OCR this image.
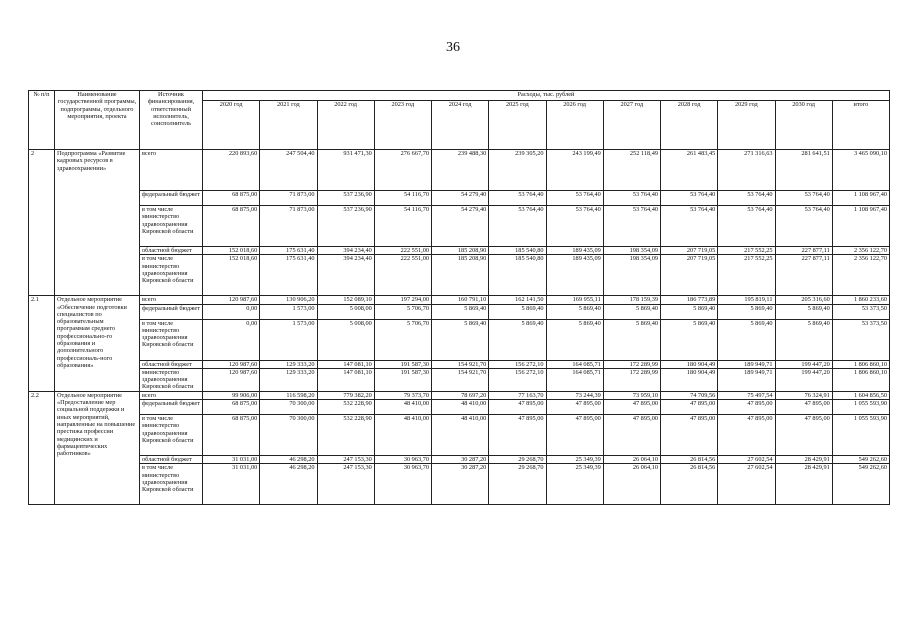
36
№ п/п	Наименование государственной программы, подпрограммы, отдельного мероприятия, проекта	Источник финансирования, ответственный исполнитель, соисполнитель	Расходы, тыс. рублей											
			2020 год	2021 год	2022 год	2023 год	2024 год	2025 год	2026 год	2027 год	2028 год	2029 год	2030 год	итого
2	Подпрограмма «Развитие кадровых ресурсов в здравоохранении»	всего	220 893,60	247 504,40	931 471,30	276 667,70	239 488,30	239 305,20	243 199,49	252 118,49	261 483,45	271 316,63	281 641,51	3 465 090,10
		федеральный бюджет	68 875,00	71 873,00	537 236,90	54 116,70	54 279,40	53 764,40	53 764,40	53 764,40	53 764,40	53 764,40	53 764,40	1 108 967,40
		в том числе министерство здравоохранения Кировской области	68 875,00	71 873,00	537 236,90	54 116,70	54 279,40	53 764,40	53 764,40	53 764,40	53 764,40	53 764,40	53 764,40	1 108 967,40
		областной бюджет	152 018,60	175 631,40	394 234,40	222 551,00	185 208,90	185 540,80	189 435,09	198 354,09	207 719,05	217 552,25	227 877,11	2 356 122,70
		в том числе министерство здравоохранения Кировской области	152 018,60	175 631,40	394 234,40	222 551,00	185 208,90	185 540,80	189 435,09	198 354,09	207 719,05	217 552,25	227 877,11	2 356 122,70
2.1	Отдельное мероприятие «Обеспечение подготовки специалистов по образовательным программам среднего профессионально-го образования и дополнительного профессиональ-ного образования»	всего	120 987,60	130 906,20	152 089,10	197 294,00	160 791,10	162 141,50	169 955,11	178 159,39	186 773,89	195 819,11	205 316,60	1 860 233,60
		федеральный бюджет	0,00	1 573,00	5 008,00	5 706,70	5 869,40	5 869,40	5 869,40	5 869,40	5 869,40	5 869,40	5 869,40	53 373,50
		в том числе министерство здравоохранения Кировской области	0,00	1 573,00	5 008,00	5 706,70	5 869,40	5 869,40	5 869,40	5 869,40	5 869,40	5 869,40	5 869,40	53 373,50
		областной бюджет	120 987,60	129 333,20	147 081,10	191 587,30	154 921,70	156 272,10	164 085,71	172 289,99	180 904,49	189 949,71	199 447,20	1 806 860,10
		министерство здравоохранения Кировской области	120 987,60	129 333,20	147 081,10	191 587,30	154 921,70	156 272,10	164 085,71	172 289,99	180 904,49	189 949,71	199 447,20	1 806 860,10
2.2	Отдельное мероприятие «Предоставление мер социальной поддержки и иных мероприятий, направленные на повышение престижа профессии медицинских и фармацевтических работников»	всего	99 906,00	116 598,20	779 382,20	79 373,70	78 697,20	77 163,70	73 244,39	73 959,10	74 709,56	75 497,54	76 324,91	1 604 856,50
		федеральный бюджет	68 875,00	70 300,00	532 228,90	48 410,00	48 410,00	47 895,00	47 895,00	47 895,00	47 895,00	47 895,00	47 895,00	1 055 593,90
		в том числе министерство здравоохранения Кировской области	68 875,00	70 300,00	532 228,90	48 410,00	48 410,00	47 895,00	47 895,00	47 895,00	47 895,00	47 895,00	47 895,00	1 055 593,90
		областной бюджет	31 031,00	46 298,20	247 153,30	30 963,70	30 287,20	29 268,70	25 349,39	26 064,10	26 814,56	27 602,54	28 429,91	549 262,60
		в том числе министерство здравоохранения Кировской области	31 031,00	46 298,20	247 153,30	30 963,70	30 287,20	29 268,70	25 349,39	26 064,10	26 814,56	27 602,54	28 429,91	549 262,60
